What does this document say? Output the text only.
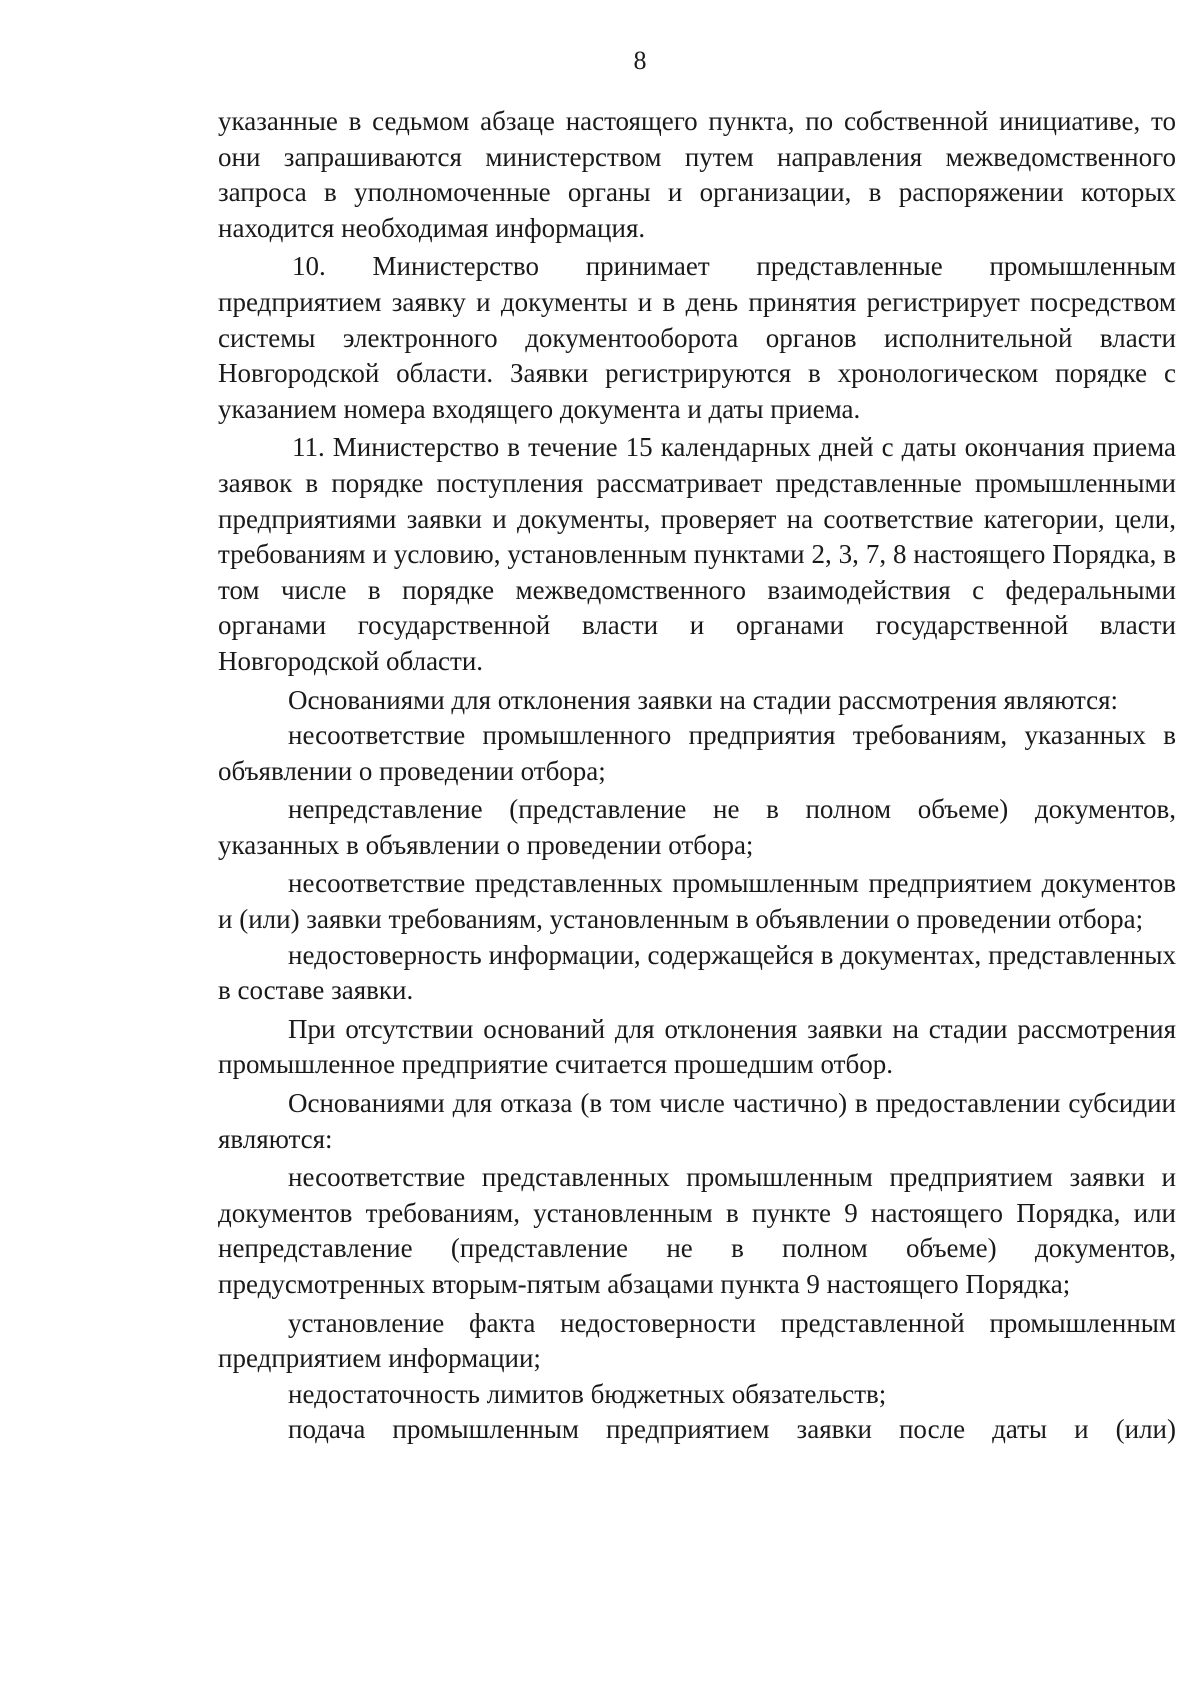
8

указанные в седьмом абзаце настоящего пункта, по собственной инициативе, то они запрашиваются министерством путем направления межведомственного запроса в уполномоченные органы и организации, в распоряжении которых находится необходимая информация.

10. Министерство принимает представленные промышленным предприятием заявку и документы и в день принятия регистрирует посредством системы электронного документооборота органов исполнительной власти Новгородской области. Заявки регистрируются в хронологическом порядке с указанием номера входящего документа и даты приема.

11. Министерство в течение 15 календарных дней с даты окончания приема заявок в порядке поступления рассматривает представленные промышленными предприятиями заявки и документы, проверяет на соответствие категории, цели, требованиям и условию, установленным пунктами 2, 3, 7, 8 настоящего Порядка, в том числе в порядке межведомственного взаимодействия с федеральными органами государственной власти и органами государственной власти Новгородской области.

Основаниями для отклонения заявки на стадии рассмотрения являются:

несоответствие промышленного предприятия требованиям, указанных в объявлении о проведении отбора;

непредставление (представление не в полном объеме) документов, указанных в объявлении о проведении отбора;

несоответствие представленных промышленным предприятием документов и (или) заявки требованиям, установленным в объявлении о проведении отбора;

недостоверность информации, содержащейся в документах, представленных в составе заявки.

При отсутствии оснований для отклонения заявки на стадии рассмотрения промышленное предприятие считается прошедшим отбор.

Основаниями для отказа (в том числе частично) в предоставлении субсидии являются:

несоответствие представленных промышленным предприятием заявки и документов требованиям, установленным в пункте 9 настоящего Порядка, или непредставление (представление не в полном объеме) документов, предусмотренных вторым-пятым абзацами пункта 9 настоящего Порядка;

установление факта недостоверности представленной промышленным предприятием информации;

недостаточность лимитов бюджетных обязательств;

подача промышленным предприятием заявки после даты и (или)
